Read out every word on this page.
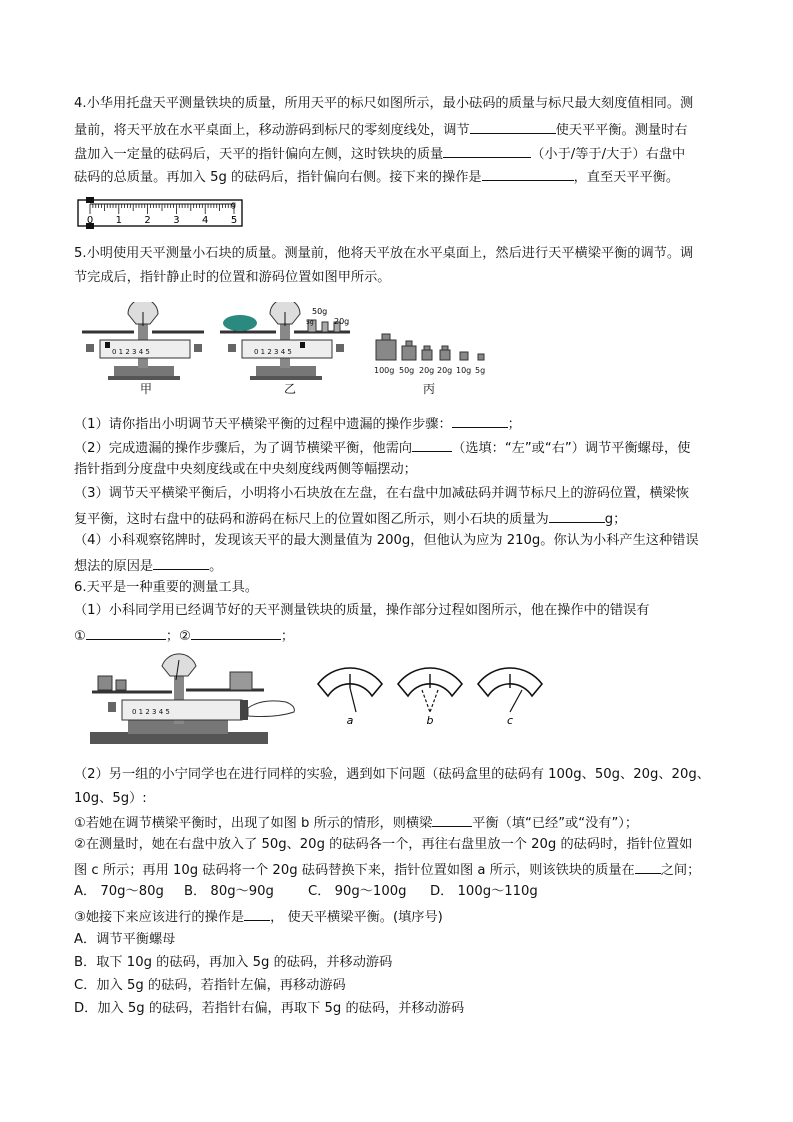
4.小华用托盘天平测量铁块的质量，所用天平的标尺如图所示，最小砝码的质量与标尺最大刻度值相同。测
量前，将天平放在水平桌面上，移动游码到标尺的零刻度线处，调节	使天平平衡。测量时右
盘加入一定量的砝码后，天平的指针偏向左侧，这时铁块的质量	（小于/等于/大于）右盘中
砝码的总质量。再加入 5g 的砝码后，指针偏向右侧。接下来的操作是	，直至天平平衡。
0 1 2 3 4 5
g
5.小明使用天平测量小石块的质量。测量前，他将天平放在水平桌面上，然后进行天平横梁平衡的调节。调
节完成后，指针静止时的位置和游码位置如图甲所示。
0 1 2 3 4 5
50g
5g	20g
0 1 2 3 4 5
100g 50g 20g 20g 10g 5g
甲	乙	丙
（1）请你指出小明调节天平横梁平衡的过程中遗漏的操作步骤：	；
（2）完成遗漏的操作步骤后，为了调节横梁平衡，他需向	（选填：“左”或“右”）调节平衡螺母，使
指针指到分度盘中央刻度线或在中央刻度线两侧等幅摆动；
（3）调节天平横梁平衡后，小明将小石块放在左盘，在右盘中加减砝码并调节标尺上的游码位置，横梁恢
复平衡，这时右盘中的砝码和游码在标尺上的位置如图乙所示，则小石块的质量为	g；
（4）小科观察铭牌时，发现该天平的最大测量值为 200g，但他认为应为 210g。你认为小科产生这种错误
想法的原因是	。
6.天平是一种重要的测量工具。
（1）小科同学用已经调节好的天平测量铁块的质量，操作部分过程如图所示，他在操作中的错误有
①	；②	；
0 1 2 3 4 5
a	b	c
（2）另一组的小宁同学也在进行同样的实验，遇到如下问题（砝码盒里的砝码有 100g、50g、20g、20g、
10g、5g）:
①若她在调节横梁平衡时，出现了如图 b 所示的情形，则横梁	平衡（填“已经”或“没有”）；
②在测量时，她在右盘中放入了 50g、20g 的砝码各一个，再往右盘里放一个 20g 的砝码时，指针位置如
图 c 所示；再用 10g 砝码将一个 20g 砝码替换下来，指针位置如图 a 所示，则该铁块的质量在 之间；
A． 70g～80g B． 80g～90g	C． 90g～100g D． 100g～110g
③她接下来应该进行的操作是 ， 使天平横梁平衡。(填序号)
A．调节平衡螺母
B．取下 10g 的砝码，再加入 5g 的砝码，并移动游码
C．加入 5g 的砝码，若指针左偏，再移动游码
D．加入 5g 的砝码，若指针右偏，再取下 5g 的砝码，并移动游码
